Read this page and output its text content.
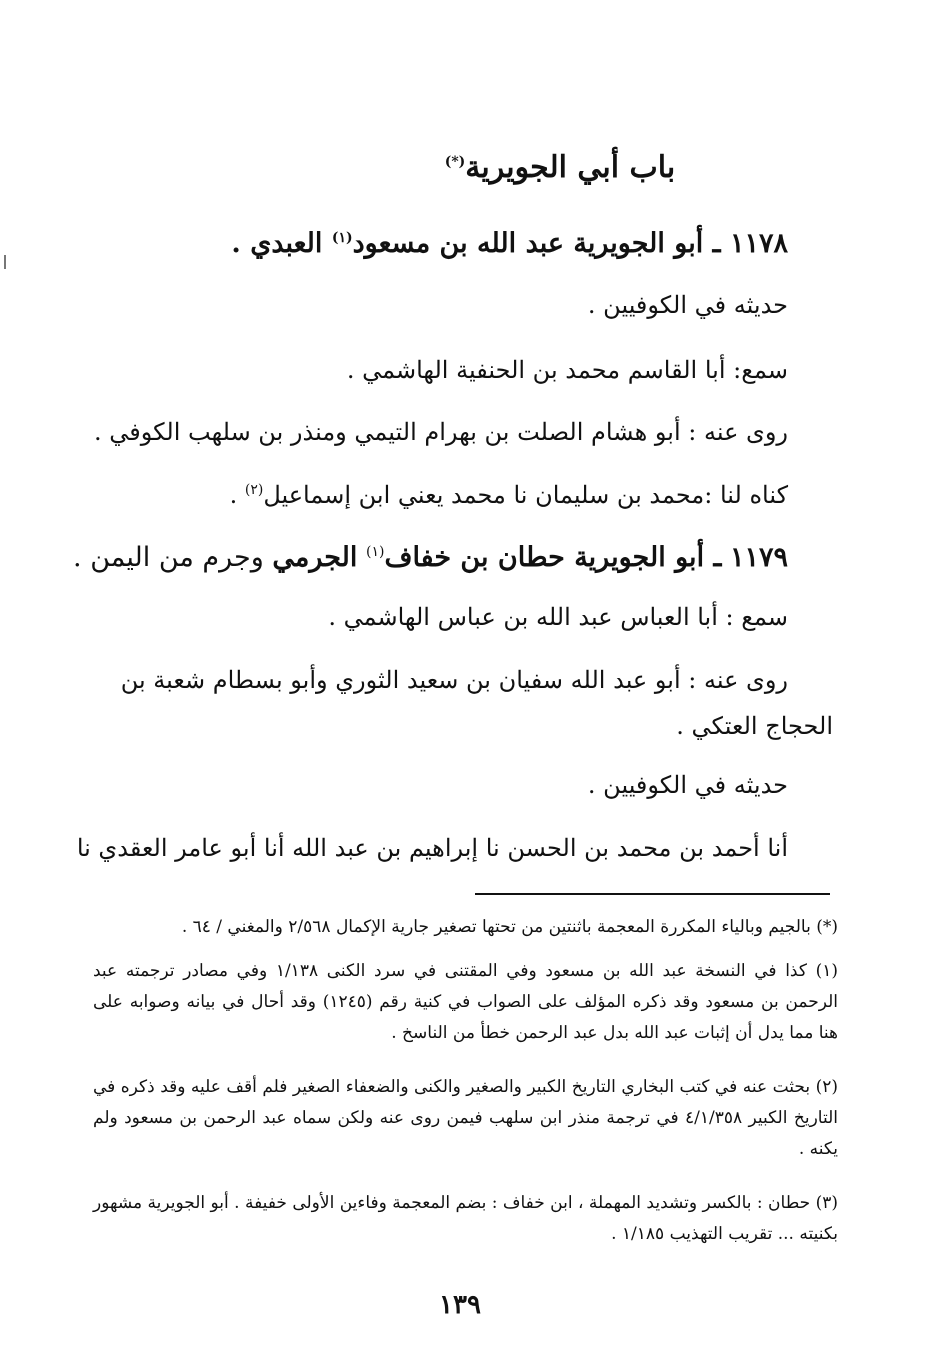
باب أبي الجويرية(*)
١١٧٨ ـ أبو الجويرية عبد الله بن مسعود$^{(١)}$ العبدي .
حديثه في الكوفيين .
سمع: أبا القاسم محمد بن الحنفية الهاشمي .
روى عنه : أبو هشام الصلت بن بهرام التيمي ومنذر بن سلهب الكوفي .
كناه لنا :محمد بن سليمان نا محمد يعني ابن إسماعيل$^{(٢)}$ .
١١٧٩ ـ أبو الجويرية حطان بن خفاف$^{(١)}$ الجرمي وجرم من اليمن .
سمع : أبا العباس عبد الله بن عباس الهاشمي .
روى عنه : أبو عبد الله سفيان بن سعيد الثوري وأبو بسطام شعبة بن
الحجاج العتكي .
حديثه في الكوفيين .
أنا أحمد بن محمد بن الحسن نا إبراهيم بن عبد الله أنا أبو عامر العقدي نا
(*) بالجيم وبالياء المكررة المعجمة باثنتين من تحتها تصغير جارية الإكمال ٢/٥٦٨ والمغني / ٦٤ .
(١) كذا في النسخة عبد الله بن مسعود وفي المقتنى في سرد الكنى ١/١٣٨ وفي مصادر ترجمته عبد الرحمن بن مسعود وقد ذكره المؤلف على الصواب في كنية رقم (١٢٤٥) وقد أحال في بيانه وصوابه على هنا مما يدل أن إثبات عبد الله بدل عبد الرحمن خطأ من الناسخ .
(٢) بحثت عنه في كتب البخاري التاريخ الكبير والصغير والكنى والضعفاء الصغير فلم أقف عليه وقد ذكره في التاريخ الكبير ٤/١/٣٥٨ في ترجمة منذر ابن سلهب فيمن روى عنه ولكن سماه عبد الرحمن بن مسعود ولم يكنه .
(٣) حطان : بالكسر وتشديد المهملة ، ابن خفاف : بضم المعجمة وفاءين الأولى خفيفة . أبو الجويرية مشهور بكنيته ... تقريب التهذيب ١/١٨٥ .
١٣٩
